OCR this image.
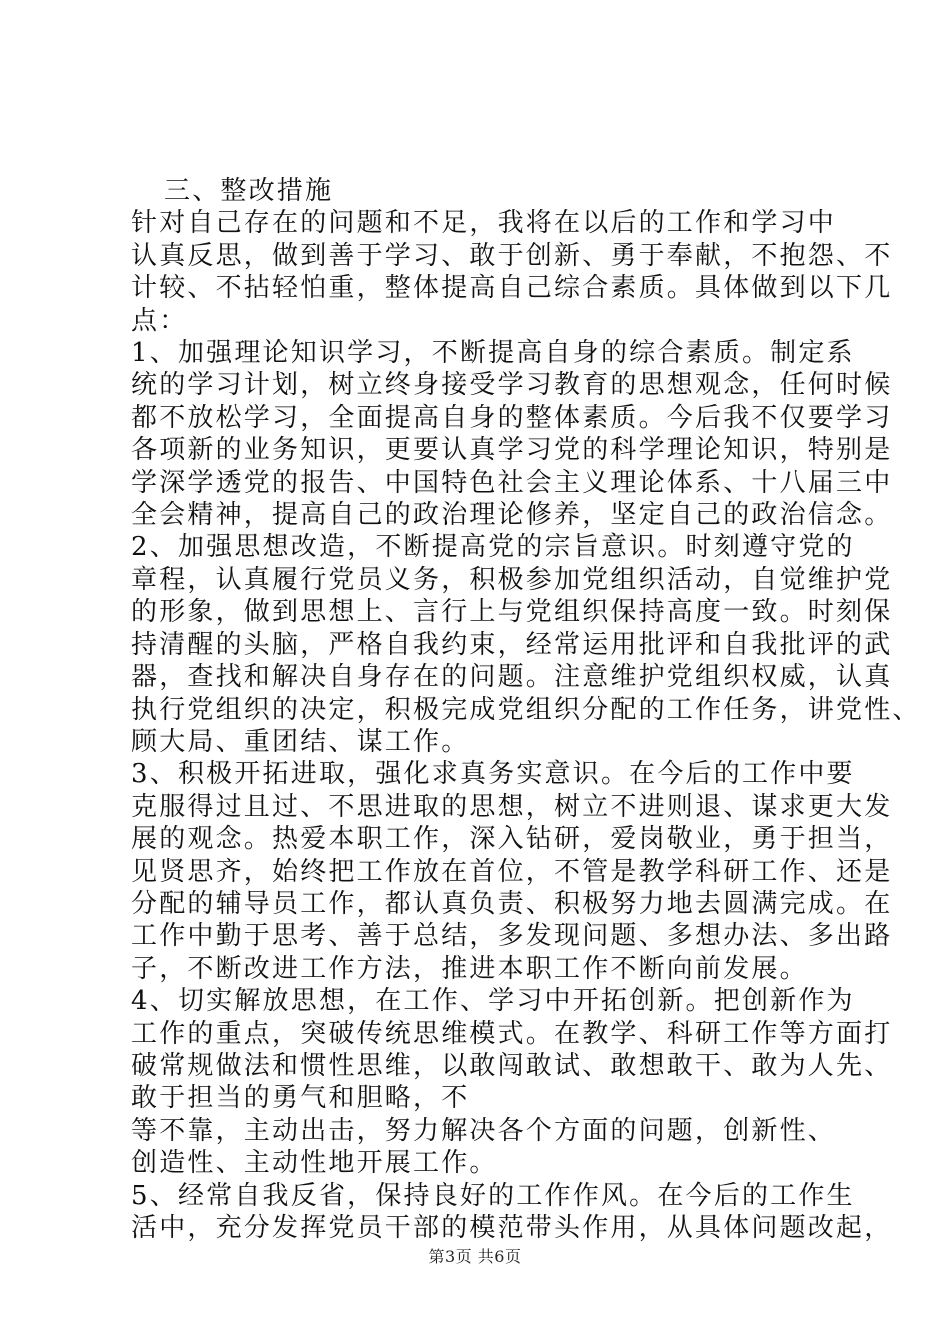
三、整改措施

针对自己存在的问题和不足，我将在以后的工作和学习中
认真反思，做到善于学习、敢于创新、勇于奉献，不抱怨、不
计较、不拈轻怕重，整体提高自己综合素质。具体做到以下几
点：
1、加强理论知识学习，不断提高自身的综合素质。制定系
统的学习计划，树立终身接受学习教育的思想观念，任何时候
都不放松学习，全面提高自身的整体素质。今后我不仅要学习
各项新的业务知识，更要认真学习党的科学理论知识，特别是
学深学透党的报告、中国特色社会主义理论体系、十八届三中
全会精神，提高自己的政治理论修养，坚定自己的政治信念。
2、加强思想改造，不断提高党的宗旨意识。时刻遵守党的
章程，认真履行党员义务，积极参加党组织活动，自觉维护党
的形象，做到思想上、言行上与党组织保持高度一致。时刻保
持清醒的头脑，严格自我约束，经常运用批评和自我批评的武
器，查找和解决自身存在的问题。注意维护党组织权威，认真
执行党组织的决定，积极完成党组织分配的工作任务，讲党性、
顾大局、重团结、谋工作。
3、积极开拓进取，强化求真务实意识。在今后的工作中要
克服得过且过、不思进取的思想，树立不进则退、谋求更大发
展的观念。热爱本职工作，深入钻研，爱岗敬业，勇于担当，
见贤思齐，始终把工作放在首位，不管是教学科研工作、还是
分配的辅导员工作，都认真负责、积极努力地去圆满完成。在
工作中勤于思考、善于总结，多发现问题、多想办法、多出路
子，不断改进工作方法，推进本职工作不断向前发展。
4、切实解放思想，在工作、学习中开拓创新。把创新作为
工作的重点，突破传统思维模式。在教学、科研工作等方面打
破常规做法和惯性思维，以敢闯敢试、敢想敢干、敢为人先、
敢于担当的勇气和胆略，不
等不靠，主动出击，努力解决各个方面的问题，创新性、
创造性、主动性地开展工作。
5、经常自我反省，保持良好的工作作风。在今后的工作生
活中，充分发挥党员干部的模范带头作用，从具体问题改起，
第3页 共6页
